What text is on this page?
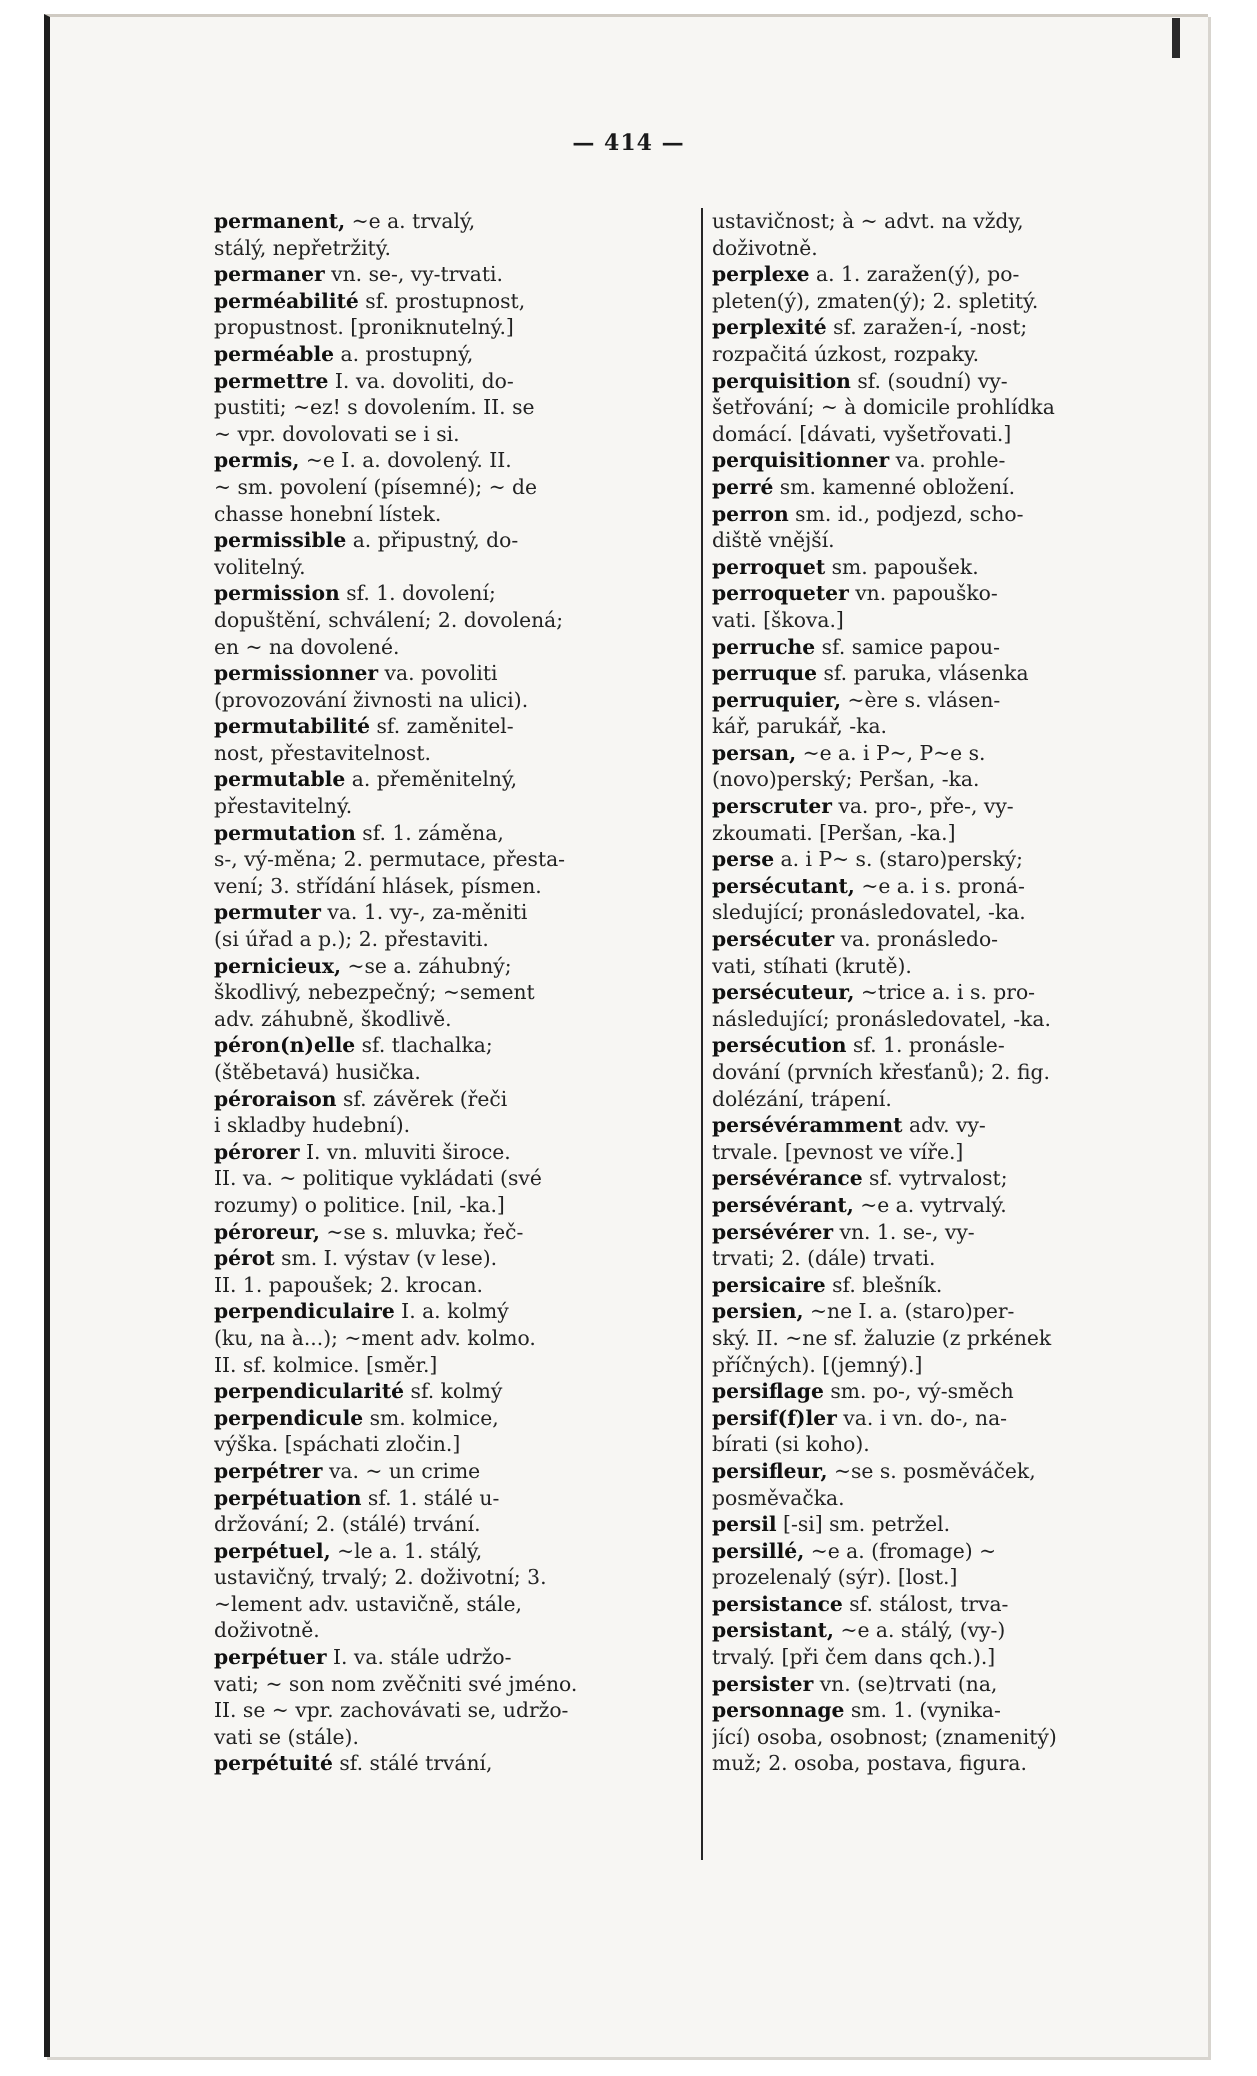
— 414 —
permanent, ~e a. trvalý,
stálý, nepřetržitý.
permaner vn. se-, vy-trvati.
perméabilité sf. prostupnost,
propustnost. [proniknutelný.]
perméable a. prostupný,
permettre I. va. dovoliti, do-
pustiti; ~ez! s dovolením. II. se
~ vpr. dovolovati se i si.
permis, ~e I. a. dovolený. II.
~ sm. povolení (písemné); ~ de
chasse honební lístek.
permissible a. připustný, do-
volitelný.
permission sf. 1. dovolení;
dopuštění, schválení; 2. dovolená;
en ~ na dovolené.
permissionner va. povoliti
(provozování živnosti na ulici).
permutabilité sf. zaměnitel-
nost, přestavitelnost.
permutable a. přeměnitelný,
přestavitelný.
permutation sf. 1. záměna,
s-, vý-měna; 2. permutace, přesta-
vení; 3. střídání hlásek, písmen.
permuter va. 1. vy-, za-měniti
(si úřad a p.); 2. přestaviti.
pernicieux, ~se a. záhubný;
škodlivý, nebezpečný; ~sement
adv. záhubně, škodlivě.
péron(n)elle sf. tlachalka;
(štěbetavá) husička.
péroraison sf. závěrek (řeči
i skladby hudební).
pérorer I. vn. mluviti široce.
II. va. ~ politique vykládati (své
rozumy) o politice. [nil, -ka.]
péroreur, ~se s. mluvka; řeč-
pérot sm. I. výstav (v lese).
II. 1. papoušek; 2. krocan.
perpendiculaire I. a. kolmý
(ku, na à...); ~ment adv. kolmo.
II. sf. kolmice. [směr.]
perpendicularité sf. kolmý
perpendicule sm. kolmice,
výška. [spáchati zločin.]
perpétrer va. ~ un crime
perpétuation sf. 1. stálé u-
držování; 2. (stálé) trvání.
perpétuel, ~le a. 1. stálý,
ustavičný, trvalý; 2. doživotní; 3.
~lement adv. ustavičně, stále,
doživotně.
perpétuer I. va. stále udržo-
vati; ~ son nom zvěčniti své jméno.
II. se ~ vpr. zachovávati se, udržo-
vati se (stále).
perpétuité sf. stálé trvání,
ustavičnost; à ~ advt. na vždy,
doživotně.
perplexe a. 1. zaražen(ý), po-
pleten(ý), zmaten(ý); 2. spletitý.
perplexité sf. zaražen-í, -nost;
rozpačitá úzkost, rozpaky.
perquisition sf. (soudní) vy-
šetřování; ~ à domicile prohlídka
domácí. [dávati, vyšetřovati.]
perquisitionner va. prohle-
perré sm. kamenné obložení.
perron sm. id., podjezd, scho-
diště vnější.
perroquet sm. papoušek.
perroqueter vn. papouško-
vati. [škova.]
perruche sf. samice papou-
perruque sf. paruka, vlásenka
perruquier, ~ère s. vlásen-
kář, parukář, -ka.
persan, ~e a. i P~, P~e s.
(novo)perský; Peršan, -ka.
perscruter va. pro-, pře-, vy-
zkoumati. [Peršan, -ka.]
perse a. i P~ s. (staro)perský;
persécutant, ~e a. i s. proná-
sledující; pronásledovatel, -ka.
persécuter va. pronásledo-
vati, stíhati (krutě).
persécuteur, ~trice a. i s. pro-
následující; pronásledovatel, -ka.
persécution sf. 1. pronásle-
dování (prvních křesťanů); 2. fig.
dolézání, trápení.
persévéramment adv. vy-
trvale. [pevnost ve víře.]
persévérance sf. vytrvalost;
persévérant, ~e a. vytrvalý.
persévérer vn. 1. se-, vy-
trvati; 2. (dále) trvati.
persicaire sf. blešník.
persien, ~ne I. a. (staro)per-
ský. II. ~ne sf. žaluzie (z prkének
příčných). [(jemný).]
persiflage sm. po-, vý-směch
persif(f)ler va. i vn. do-, na-
bírati (si koho).
persifleur, ~se s. posměváček,
posměvačka.
persil [-si] sm. petržel.
persillé, ~e a. (fromage) ~
prozelenalý (sýr). [lost.]
persistance sf. stálost, trva-
persistant, ~e a. stálý, (vy-)
trvalý. [při čem dans qch.).]
persister vn. (se)trvati (na,
personnage sm. 1. (vynika-
jící) osoba, osobnost; (znamenitý)
muž; 2. osoba, postava, figura.
